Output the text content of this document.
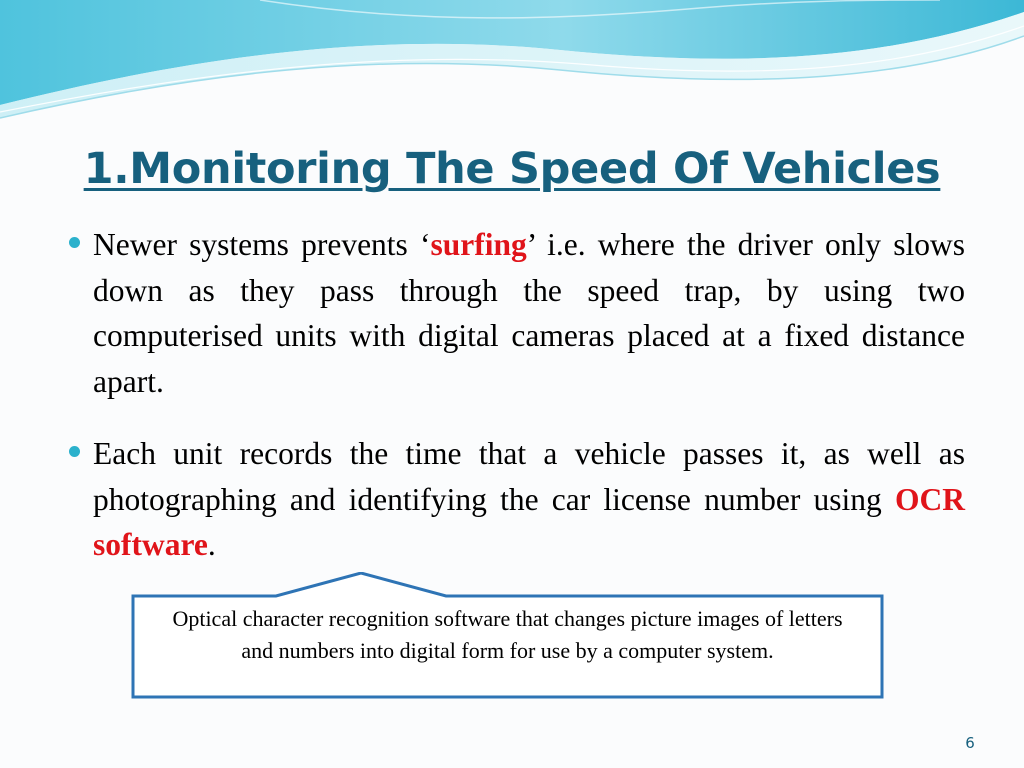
1.Monitoring The Speed Of Vehicles

Newer systems prevents ‘surfing’ i.e. where the driver only slows down as they pass through the speed trap, by using two computerised units with digital cameras placed at a fixed distance apart.

Each unit records the time that a vehicle passes it, as well as photographing and identifying the car license number using OCR software.

Optical character recognition software that changes picture images of letters and numbers into digital form for use by a computer system.

6
